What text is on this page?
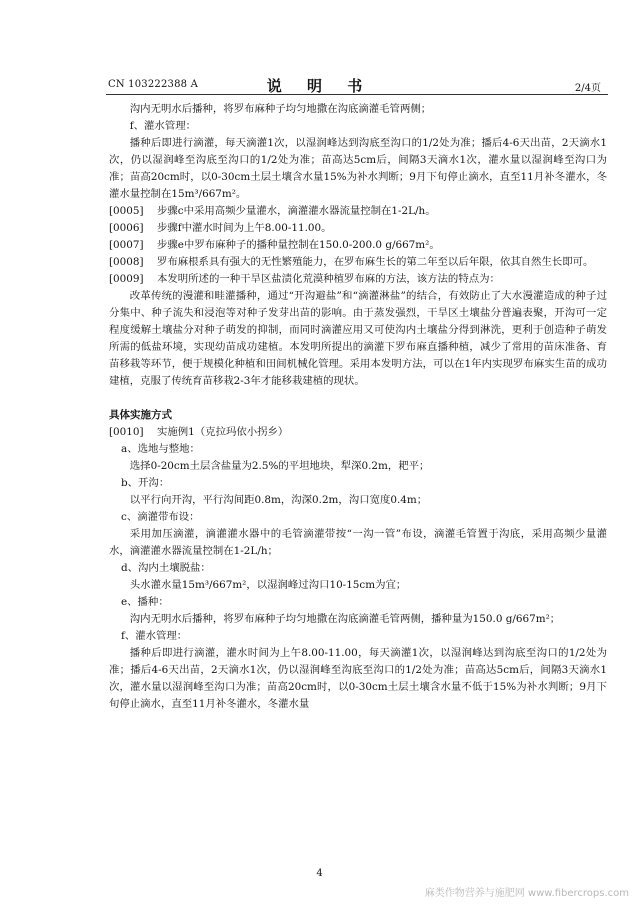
CN 103222388 A	说 明 书	2/4页

沟内无明水后播种，将罗布麻种子均匀地撒在沟底滴灌毛管两侧；

f、灌水管理：

播种后即进行滴灌，每天滴灌1次，以湿润峰达到沟底至沟口的1/2处为准；播后4-6天出苗，2天滴水1次，仍以湿润峰至沟底至沟口的1/2处为准；苗高达5cm后，间隔3天滴水1次，灌水量以湿润峰至沟口为准；苗高20cm时，以0-30cm土层土壤含水量15%为补水判断；9月下旬停止滴水，直至11月补冬灌水，冬灌水量控制在15m³/667m²。

[0005] 步骤c中采用高频少量灌水，滴灌灌水器流量控制在1-2L/h。

[0006] 步骤f中灌水时间为上午8.00-11.00。

[0007] 步骤e中罗布麻种子的播种量控制在150.0-200.0 g/667m²。

[0008] 罗布麻根系具有强大的无性繁殖能力，在罗布麻生长的第二年至以后年限，依其自然生长即可。

[0009] 本发明所述的一种干旱区盐渍化荒漠种植罗布麻的方法，该方法的特点为：

改革传统的漫灌和畦灌播种，通过“开沟避盐”和“滴灌淋盐”的结合，有效防止了大水漫灌造成的种子过分集中、种子流失和浸泡等对种子发芽出苗的影响。由于蒸发强烈，干旱区土壤盐分普遍表聚，开沟可一定程度缓解土壤盐分对种子萌发的抑制，而同时滴灌应用又可使沟内土壤盐分得到淋洗，更利于创造种子萌发所需的低盐环境，实现幼苗成功建植。本发明所提出的滴灌下罗布麻直播种植，减少了常用的苗床准备、育苗移栽等环节，便于规模化种植和田间机械化管理。采用本发明方法，可以在1年内实现罗布麻实生苗的成功建植，克服了传统育苗移栽2-3年才能移栽建植的现状。

具体实施方式

[0010] 实施例1（克拉玛依小拐乡）

a、选地与整地：

选择0-20cm土层含盐量为2.5%的平坦地块，犁深0.2m，耙平；

b、开沟：

以平行向开沟，平行沟间距0.8m，沟深0.2m，沟口宽度0.4m；

c、滴灌带布设：

采用加压滴灌，滴灌灌水器中的毛管滴灌带按“一沟一管”布设，滴灌毛管置于沟底，采用高频少量灌水，滴灌灌水器流量控制在1-2L/h；

d、沟内土壤脱盐：

头水灌水量15m³/667m²，以湿润峰过沟口10-15cm为宜；

e、播种：

沟内无明水后播种，将罗布麻种子均匀地撒在沟底滴灌毛管两侧，播种量为150.0 g/667m²；

f、灌水管理：

播种后即进行滴灌，灌水时间为上午8.00-11.00，每天滴灌1次，以湿润峰达到沟底至沟口的1/2处为准；播后4-6天出苗，2天滴水1次，仍以湿润峰至沟底至沟口的1/2处为准；苗高达5cm后，间隔3天滴水1次，灌水量以湿润峰至沟口为准；苗高20cm时，以0-30cm土层土壤含水量不低于15%为补水判断；9月下旬停止滴水，直至11月补冬灌水，冬灌水量

4
麻类作物营养与施肥网 www.fibercrops.com
